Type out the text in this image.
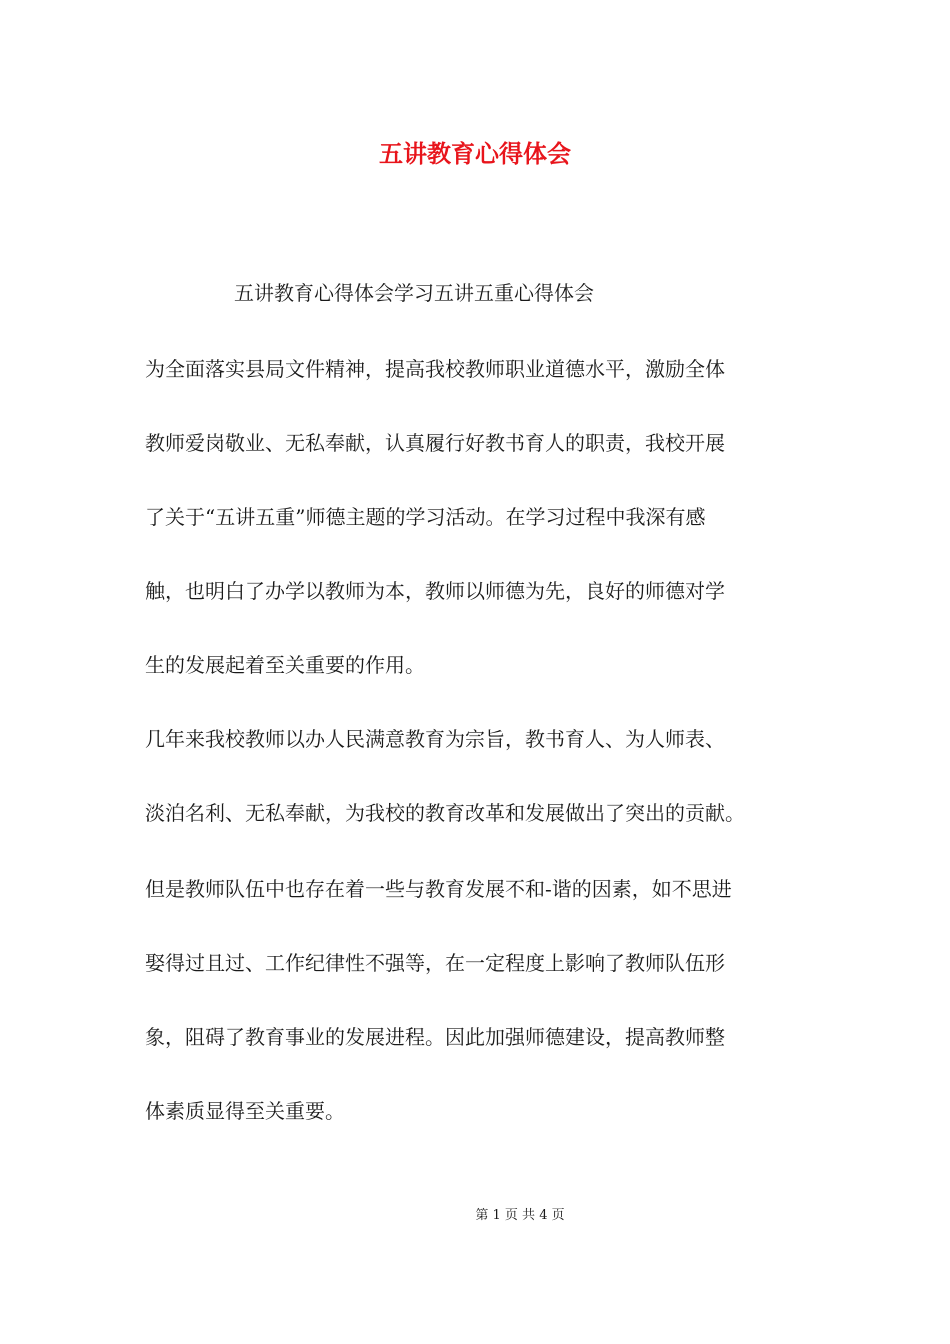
五讲教育心得体会
五讲教育心得体会学习五讲五重心得体会
为全面落实县局文件精神，提高我校教师职业道德水平，激励全体
教师爱岗敬业、无私奉献，认真履行好教书育人的职责，我校开展
了关于“五讲五重”师德主题的学习活动。在学习过程中我深有感
触，也明白了办学以教师为本，教师以师德为先，良好的师德对学
生的发展起着至关重要的作用。
几年来我校教师以办人民满意教育为宗旨，教书育人、为人师表、
淡泊名利、无私奉献，为我校的教育改革和发展做出了突出的贡献。
但是教师队伍中也存在着一些与教育发展不和-谐的因素，如不思进
娶得过且过、工作纪律性不强等，在一定程度上影响了教师队伍形
象，阻碍了教育事业的发展进程。因此加强师德建设，提高教师整
体素质显得至关重要。
第 1 页 共 4 页
